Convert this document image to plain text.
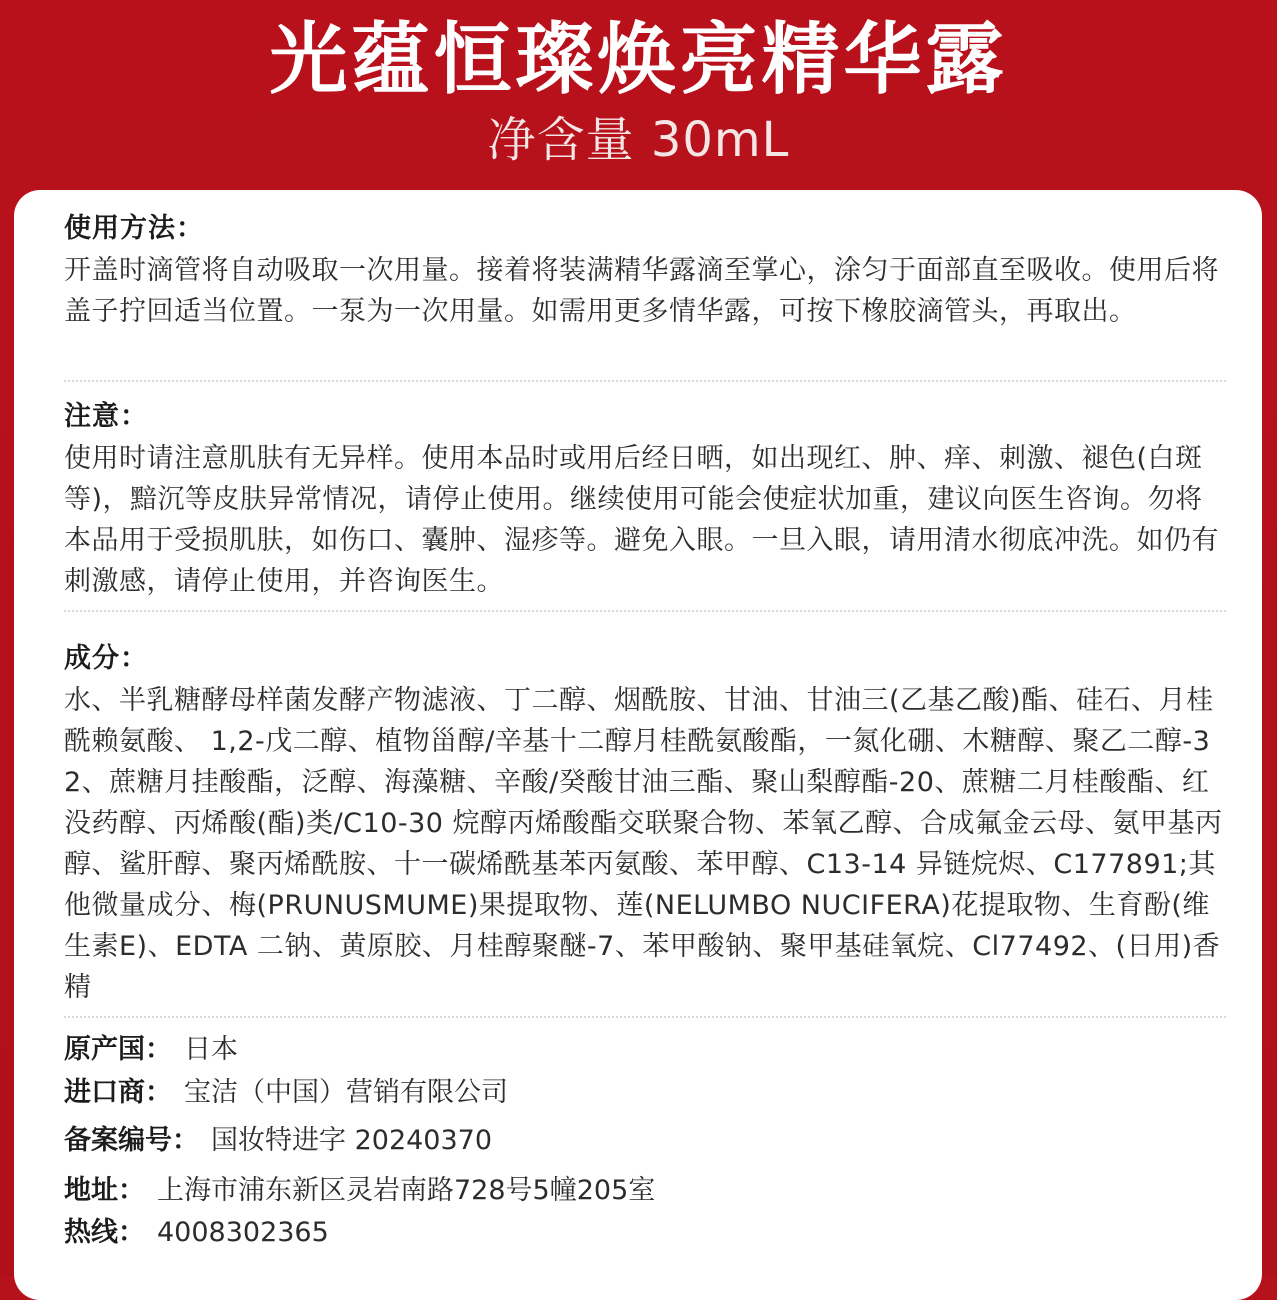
光蕴恒璨焕亮精华露
净含量 30mL
使用方法：
开盖时滴管将自动吸取一次用量。接着将装满精华露滴至掌心，涂匀于面部直至吸收。使用后将盖子拧回适当位置。一泵为一次用量。如需用更多情华露，可按下橡胶滴管头，再取出。
注意：
使用时请注意肌肤有无异样。使用本品时或用后经日晒，如出现红、肿、痒、刺激、褪色(白斑等)，黯沉等皮肤异常情况，请停止使用。继续使用可能会使症状加重，建议向医生咨询。勿将本品用于受损肌肤，如伤口、囊肿、湿疹等。避免入眼。一旦入眼，请用清水彻底冲洗。如仍有刺激感，请停止使用，并咨询医生。
成分：
水、半乳糖酵母样菌发酵产物滤液、丁二醇、烟酰胺、甘油、甘油三(乙基乙酸)酯、硅石、月桂酰赖氨酸、 1,2-戊二醇、植物甾醇/辛基十二醇月桂酰氨酸酯，一氮化硼、木糖醇、聚乙二醇-32、蔗糖月挂酸酯，泛醇、海藻糖、辛酸/癸酸甘油三酯、聚山梨醇酯-20、蔗糖二月桂酸酯、红没药醇、丙烯酸(酯)类/C10-30 烷醇丙烯酸酯交联聚合物、苯氧乙醇、合成氟金云母、氨甲基丙醇、鲨肝醇、聚丙烯酰胺、十一碳烯酰基苯丙氨酸、苯甲醇、C13-14 异链烷烬、C177891;其他微量成分、梅(PRUNUSMUME)果提取物、莲(NELUMBO NUCIFERA)花提取物、生育酚(维生素E)、EDTA 二钠、黄原胶、月桂醇聚醚-7、苯甲酸钠、聚甲基硅氧烷、Cl77492、(日用)香精
原产国： 日本
进口商： 宝洁（中国）营销有限公司
备案编号： 国妆特进字 20240370
地址： 上海市浦东新区灵岩南路728号5幢205室
热线： 4008302365
